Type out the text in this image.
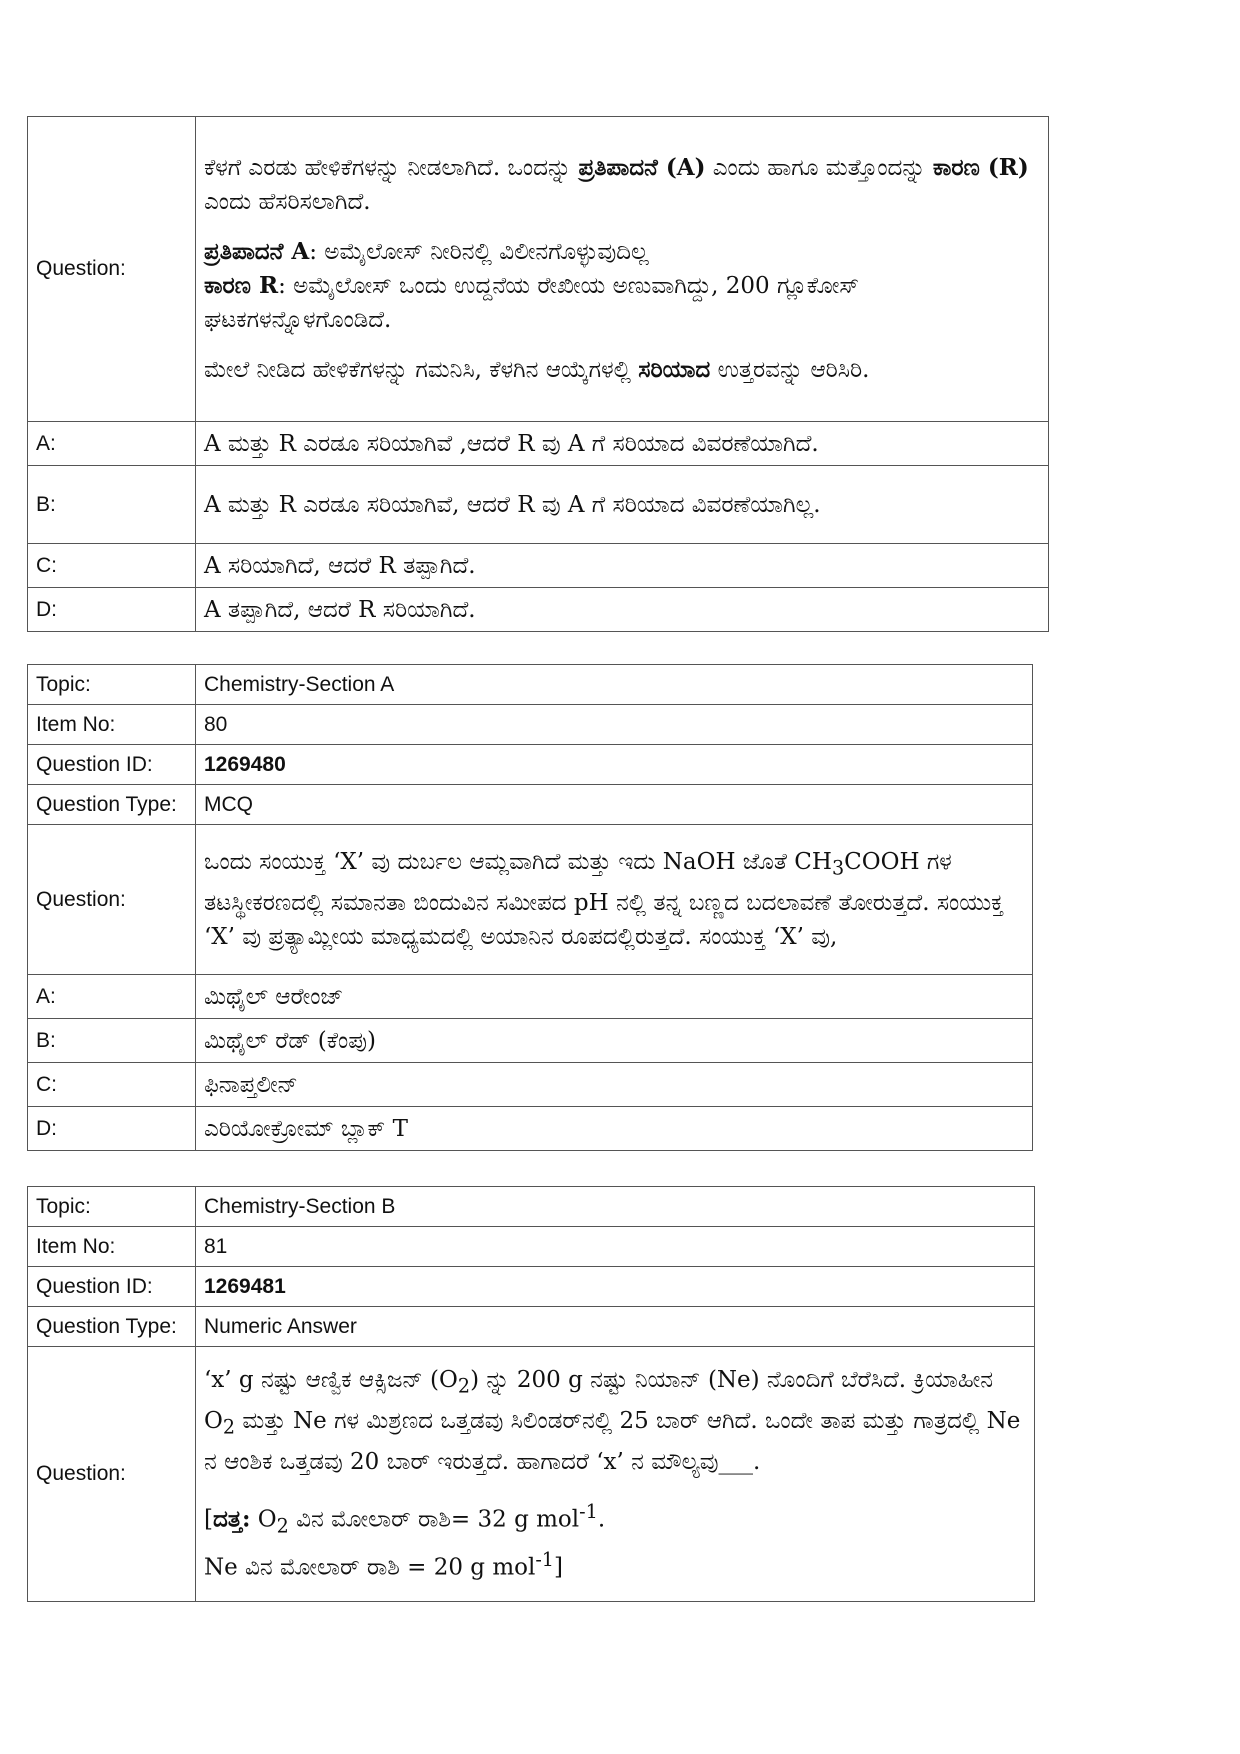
Question:	ಕೆಳಗೆ ಎರಡು ಹೇಳಿಕೆಗಳನ್ನು ನೀಡಲಾಗಿದೆ. ಒಂದನ್ನು ಪ್ರತಿಪಾದನೆ (A) ಎಂದು ಹಾಗೂ ಮತ್ತೊಂದನ್ನು ಕಾರಣ (R) ಎಂದು ಹೆಸರಿಸಲಾಗಿದೆ.

ಪ್ರತಿಪಾದನೆ A: ಅಮೈಲೋಸ್ ನೀರಿನಲ್ಲಿ ವಿಲೀನಗೊಳ್ಳುವುದಿಲ್ಲ
ಕಾರಣ R: ಅಮೈಲೋಸ್ ಒಂದು ಉದ್ದನೆಯ ರೇಖೀಯ ಅಣುವಾಗಿದ್ದು, 200 ಗ್ಲೂಕೋಸ್ ಘಟಕಗಳನ್ನೊಳಗೊಂಡಿದೆ.

ಮೇಲೆ ನೀಡಿದ ಹೇಳಿಕೆಗಳನ್ನು ಗಮನಿಸಿ, ಕೆಳಗಿನ ಆಯ್ಕೆಗಳಲ್ಲಿ ಸರಿಯಾದ ಉತ್ತರವನ್ನು ಆರಿಸಿರಿ.

A:	A ಮತ್ತು R ಎರಡೂ ಸರಿಯಾಗಿವೆ ,ಆದರೆ R ವು A ಗೆ ಸರಿಯಾದ ವಿವರಣೆಯಾಗಿದೆ.
B:	A ಮತ್ತು R ಎರಡೂ ಸರಿಯಾಗಿವೆ, ಆದರೆ R ವು A ಗೆ ಸರಿಯಾದ ವಿವರಣೆಯಾಗಿಲ್ಲ.
C:	A ಸರಿಯಾಗಿದೆ, ಆದರೆ R ತಪ್ಪಾಗಿದೆ.
D:	A ತಪ್ಪಾಗಿದೆ, ಆದರೆ R ಸರಿಯಾಗಿದೆ.
Topic:	Chemistry-Section A
Item No:	80
Question ID:	1269480
Question Type:	MCQ
Question:	ಒಂದು ಸಂಯುಕ್ತ ‘X’ ವು ದುರ್ಬಲ ಆಮ್ಲವಾಗಿದೆ ಮತ್ತು ಇದು NaOH ಜೊತೆ $CH_3COOH$ ಗಳ ತಟಸ್ಥೀಕರಣದಲ್ಲಿ ಸಮಾನತಾ ಬಿಂದುವಿನ ಸಮೀಪದ pH ನಲ್ಲಿ ತನ್ನ ಬಣ್ಣದ ಬದಲಾವಣೆ ತೋರುತ್ತದೆ. ಸಂಯುಕ್ತ ‘X’ ವು ಪ್ರತ್ಯಾಮ್ಲೀಯ ಮಾಧ್ಯಮದಲ್ಲಿ ಅಯಾನಿನ ರೂಪದಲ್ಲಿರುತ್ತದೆ. ಸಂಯುಕ್ತ ‘X’ ವು,
A:	ಮಿಥೈಲ್ ಆರೇಂಜ್
B:	ಮಿಥೈಲ್ ರೆಡ್ (ಕೆಂಪು)
C:	ಫಿನಾಪ್ತಲೀನ್
D:	ಎರಿಯೋಕ್ರೋಮ್ ಬ್ಲಾಕ್ T
Topic:	Chemistry-Section B
Item No:	81
Question ID:	1269481
Question Type:	Numeric Answer
Question:	‘x’ g ನಷ್ಟು ಆಣ್ವಿಕ ಆಕ್ಸಿಜನ್ $(O_2)$ ನ್ನು 200 g ನಷ್ಟು ನಿಯಾನ್ (Ne) ನೊಂದಿಗೆ ಬೆರೆಸಿದೆ. ಕ್ರಿಯಾಹೀನ $O_2$ ಮತ್ತು Ne ಗಳ ಮಿಶ್ರಣದ ಒತ್ತಡವು ಸಿಲಿಂಡರ್‌ನಲ್ಲಿ 25 ಬಾರ್ ಆಗಿದೆ. ಒಂದೇ ತಾಪ ಮತ್ತು ಗಾತ್ರದಲ್ಲಿ Ne ನ ಆಂಶಿಕ ಒತ್ತಡವು 20 ಬಾರ್ ಇರುತ್ತದೆ. ಹಾಗಾದರೆ ‘x’ ನ ಮೌಲ್ಯವು___.

[ದತ್ತ: $O_2$ ವಿನ ಮೋಲಾರ್ ರಾಶಿ= 32 g mol$^{-1}$.
Ne ವಿನ ಮೋಲಾರ್ ರಾಶಿ = 20 g mol$^{-1}$]
